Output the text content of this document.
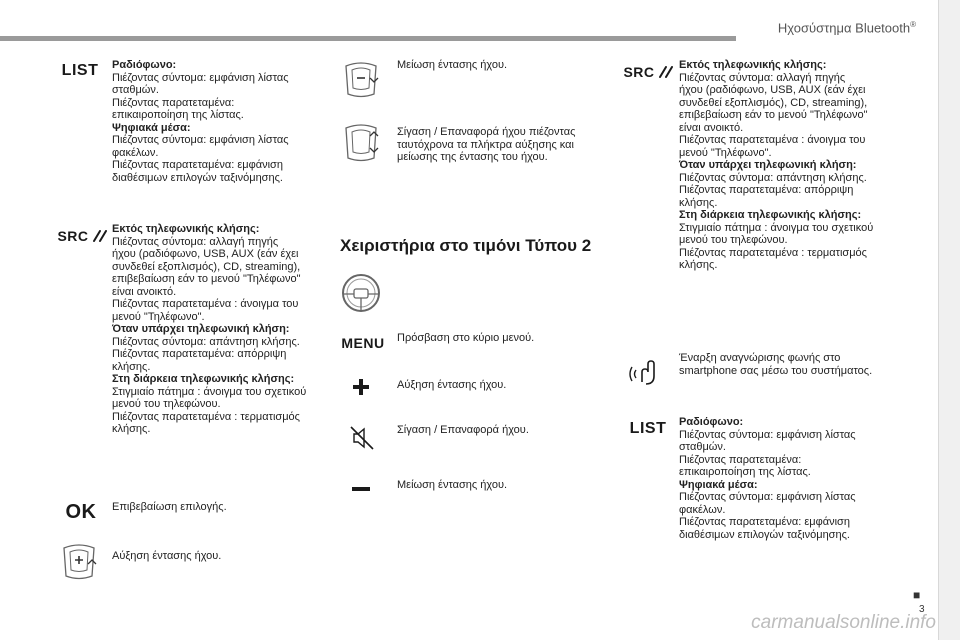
Ηχοσύστημα Bluetooth®
■
3
carmanualsonline.info
LIST Ραδιόφωνο:
Πιέζοντας σύντομα: εμφάνιση λίστας
σταθμών.
Πιέζοντας παρατεταμένα:
επικαιροποίηση της λίστας.
Ψηφιακά μέσα:
Πιέζοντας σύντομα: εμφάνιση λίστας
φακέλων.
Πιέζοντας παρατεταμένα: εμφάνιση
διαθέσιμων επιλογών ταξινόμησης.
SRC Εκτός τηλεφωνικής κλήσης:
Πιέζοντας σύντομα: αλλαγή πηγής
ήχου (ραδιόφωνο, USB, AUX (εάν έχει
συνδεθεί εξοπλισμός), CD, streaming),
επιβεβαίωση εάν το μενού "Τηλέφωνο"
είναι ανοικτό.
Πιέζοντας παρατεταμένα : άνοιγμα του
μενού "Τηλέφωνο".
Όταν υπάρχει τηλεφωνική κλήση:
Πιέζοντας σύντομα: απάντηση κλήσης.
Πιέζοντας παρατεταμένα: απόρριψη
κλήσης.
Στη διάρκεια τηλεφωνικής κλήσης:
Στιγμιαίο πάτημα : άνοιγμα του σχετικού
μενού του τηλεφώνου.
Πιέζοντας παρατεταμένα : τερματισμός
κλήσης.
OK	Επιβεβαίωση επιλογής.
Αύξηση έντασης ήχου.
Μείωση έντασης ήχου.
Σίγαση / Επαναφορά ήχου πιέζοντας
ταυτόχρονα τα πλήκτρα αύξησης και
μείωσης της έντασης του ήχου.
Χειριστήρια στο τιμόνι Τύπου 2
MENU	Πρόσβαση στο κύριο μενού.
Αύξηση έντασης ήχου.
Σίγαση / Επαναφορά ήχου.
Μείωση έντασης ήχου.
SRC Εκτός τηλεφωνικής κλήσης:
Πιέζοντας σύντομα: αλλαγή πηγής
ήχου (ραδιόφωνο, USB, AUX (εάν έχει
συνδεθεί εξοπλισμός), CD, streaming),
επιβεβαίωση εάν το μενού "Τηλέφωνο"
είναι ανοικτό.
Πιέζοντας παρατεταμένα : άνοιγμα του
μενού "Τηλέφωνο".
Όταν υπάρχει τηλεφωνική κλήση:
Πιέζοντας σύντομα: απάντηση κλήσης.
Πιέζοντας παρατεταμένα: απόρριψη
κλήσης.
Στη διάρκεια τηλεφωνικής κλήσης:
Στιγμιαίο πάτημα : άνοιγμα του σχετικού
μενού του τηλεφώνου.
Πιέζοντας παρατεταμένα : τερματισμός
κλήσης.
Έναρξη αναγνώρισης φωνής στο
smartphone σας μέσω του συστήματος.
LIST Ραδιόφωνο:
Πιέζοντας σύντομα: εμφάνιση λίστας
σταθμών.
Πιέζοντας παρατεταμένα:
επικαιροποίηση της λίστας.
Ψηφιακά μέσα:
Πιέζοντας σύντομα: εμφάνιση λίστας
φακέλων.
Πιέζοντας παρατεταμένα: εμφάνιση
διαθέσιμων επιλογών ταξινόμησης.
